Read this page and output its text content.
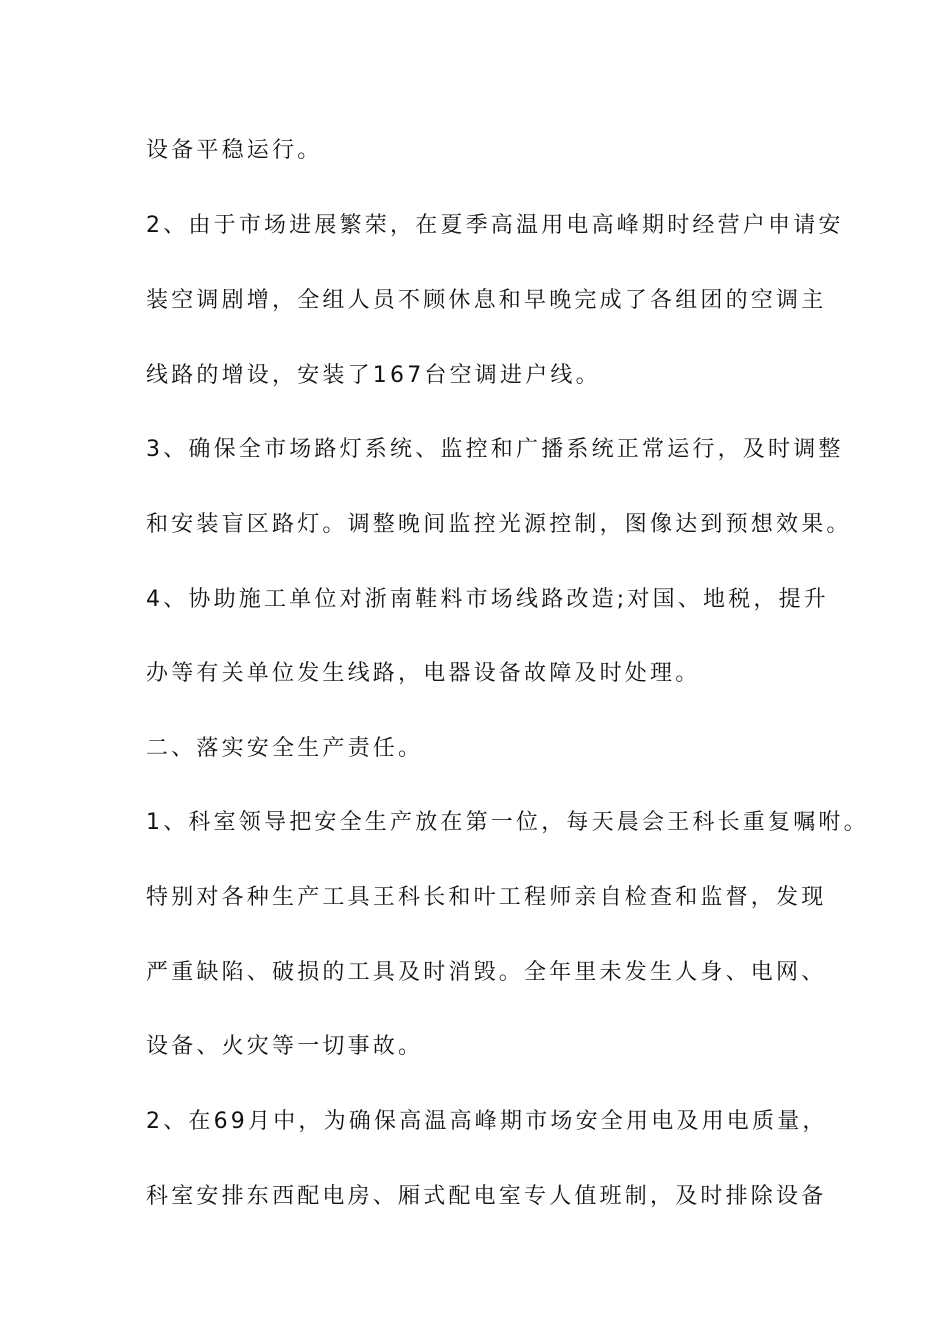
设备平稳运行。
2、由于市场进展繁荣，在夏季高温用电高峰期时经营户申请安
装空调剧增，全组人员不顾休息和早晚完成了各组团的空调主
线路的增设，安装了167台空调进户线。
3、确保全市场路灯系统、监控和广播系统正常运行，及时调整
和安装盲区路灯。调整晚间监控光源控制，图像达到预想效果。
4、协助施工单位对浙南鞋料市场线路改造;对国、地税，提升
办等有关单位发生线路，电器设备故障及时处理。
二、落实安全生产责任。
1、科室领导把安全生产放在第一位，每天晨会王科长重复嘱咐。
特别对各种生产工具王科长和叶工程师亲自检查和监督，发现
严重缺陷、破损的工具及时消毁。全年里未发生人身、电网、
设备、火灾等一切事故。
2、在69月中，为确保高温高峰期市场安全用电及用电质量，
科室安排东西配电房、厢式配电室专人值班制，及时排除设备
